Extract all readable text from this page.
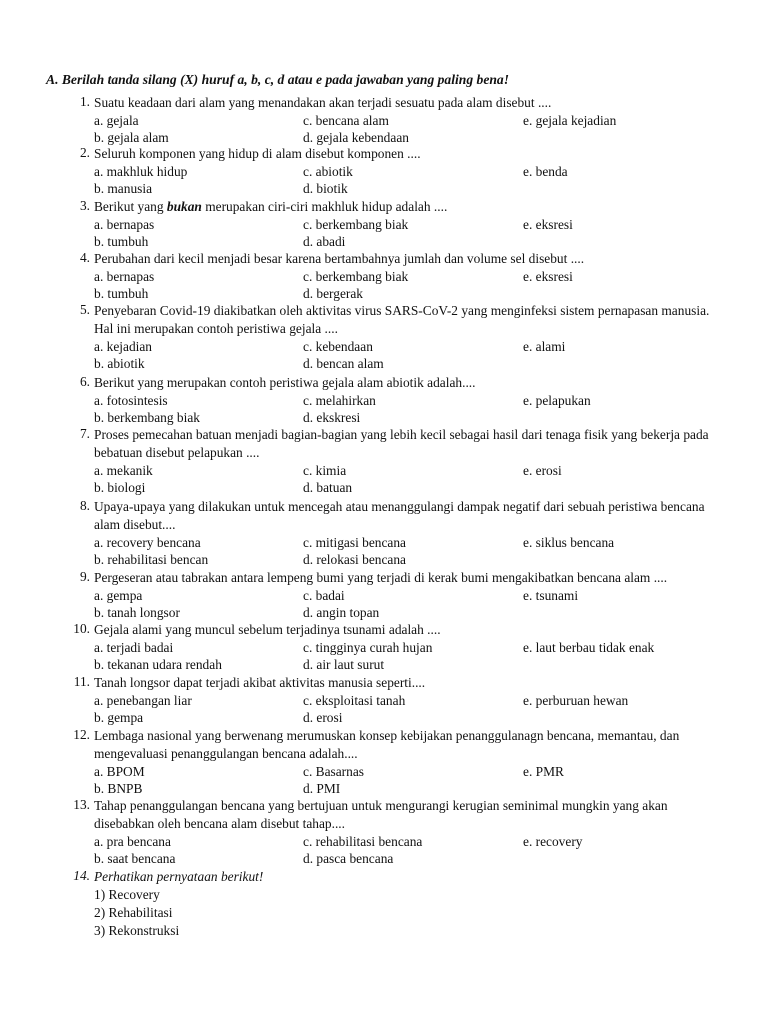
A. Berilah tanda silang (X) huruf a, b, c, d atau e pada jawaban yang paling bena!
1. Suatu keadaan dari alam yang menandakan akan terjadi sesuatu pada alam disebut ....
a. gejala
b. gejala alam
c. bencana alam
d. gejala kebendaan
e. gejala kejadian
2. Seluruh komponen yang hidup di alam disebut komponen ....
a. makhluk hidup
b. manusia
c. abiotik
d. biotik
e. benda
3. Berikut yang bukan merupakan ciri-ciri makhluk hidup adalah ....
a. bernapas
b. tumbuh
c. berkembang biak
d. abadi
e. eksresi
4. Perubahan dari kecil menjadi besar karena bertambahnya jumlah dan volume sel disebut ....
a. bernapas
b. tumbuh
c. berkembang biak
d. bergerak
e. eksresi
5. Penyebaran Covid-19 diakibatkan oleh aktivitas virus SARS-CoV-2 yang menginfeksi sistem pernapasan manusia. Hal ini merupakan contoh peristiwa gejala ....
a. kejadian
b. abiotik
c. kebendaan
d. bencan alam
e. alami
6. Berikut yang merupakan contoh peristiwa gejala alam abiotik adalah....
a. fotosintesis
b. berkembang biak
c. melahirkan
d. ekskresi
e. pelapukan
7. Proses pemecahan batuan menjadi bagian-bagian yang lebih kecil sebagai hasil dari tenaga fisik yang bekerja pada bebatuan disebut pelapukan ....
a. mekanik
b. biologi
c. kimia
d. batuan
e. erosi
8. Upaya-upaya yang dilakukan untuk mencegah atau menanggulangi dampak negatif dari sebuah peristiwa bencana alam disebut....
a. recovery bencana
b. rehabilitasi bencan
c. mitigasi bencana
d. relokasi bencana
e. siklus bencana
9. Pergeseran atau tabrakan antara lempeng bumi yang terjadi di kerak bumi mengakibatkan bencana alam ....
a. gempa
b. tanah longsor
c. badai
d. angin topan
e. tsunami
10. Gejala alami yang muncul sebelum terjadinya tsunami adalah ....
a. terjadi badai
b. tekanan udara rendah
c. tingginya curah hujan
d. air laut surut
e. laut berbau tidak enak
11. Tanah longsor dapat terjadi akibat aktivitas manusia seperti....
a. penebangan liar
b. gempa
c. eksploitasi tanah
d. erosi
e. perburuan hewan
12. Lembaga nasional yang berwenang merumuskan konsep kebijakan penanggulanagn bencana, memantau, dan mengevaluasi penanggulangan bencana adalah....
a. BPOM
b. BNPB
c. Basarnas
d. PMI
e. PMR
13. Tahap penanggulangan bencana yang bertujuan untuk mengurangi kerugian seminimal mungkin yang akan disebabkan oleh bencana alam disebut tahap....
a. pra bencana
b. saat bencana
c. rehabilitasi bencana
d. pasca bencana
e. recovery
14. Perhatikan pernyataan berikut!
1) Recovery
2) Rehabilitasi
3) Rekonstruksi
